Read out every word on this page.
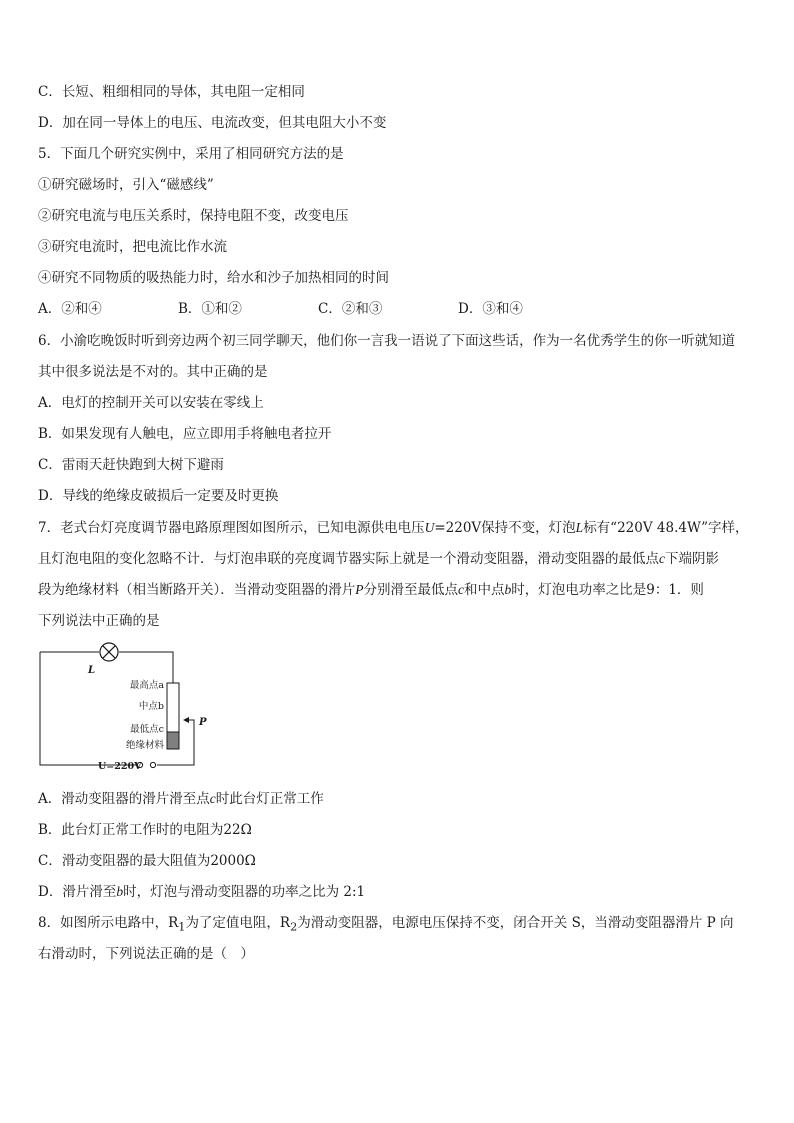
C．长短、粗细相同的导体，其电阻一定相同
D．加在同一导体上的电压、电流改变，但其电阻大小不变
5．下面几个研究实例中，采用了相同研究方法的是
①研究磁场时，引入“磁感线”
②研究电流与电压关系时，保持电阻不变，改变电压
③研究电流时，把电流比作水流
④研究不同物质的吸热能力时，给水和沙子加热相同的时间
A．②和④	B．①和②	C．②和③	D．③和④
6．小渝吃晚饭时听到旁边两个初三同学聊天，他们你一言我一语说了下面这些话，作为一名优秀学生的你一听就知道
其中很多说法是不对的。其中正确的是
A．电灯的控制开关可以安装在零线上
B．如果发现有人触电，应立即用手将触电者拉开
C．雷雨天赶快跑到大树下避雨
D．导线的绝缘皮破损后一定要及时更换
7．老式台灯亮度调节器电路原理图如图所示，已知电源供电电压U=220V保持不变，灯泡L标有“220V 48.4W”字样，
且灯泡电阻的变化忽略不计．与灯泡串联的亮度调节器实际上就是一个滑动变阻器，滑动变阻器的最低点c下端阴影
段为绝缘材料（相当断路开关）．当滑动变阻器的滑片P分别滑至最低点c和中点b时，灯泡电功率之比是9：1．则
下列说法中正确的是
L
最高点a
中点b
最低点c
绝缘材料
P
U=220V
A．滑动变阻器的滑片滑至点c时此台灯正常工作
B．此台灯正常工作时的电阻为22Ω
C．滑动变阻器的最大阻值为2000Ω
D．滑片滑至b时，灯泡与滑动变阻器的功率之比为 2:1
8．如图所示电路中，$R_1$为了定值电阻，$R_2$为滑动变阻器，电源电压保持不变，闭合开关 S，当滑动变阻器滑片 P 向
右滑动时，下列说法正确的是（　）
